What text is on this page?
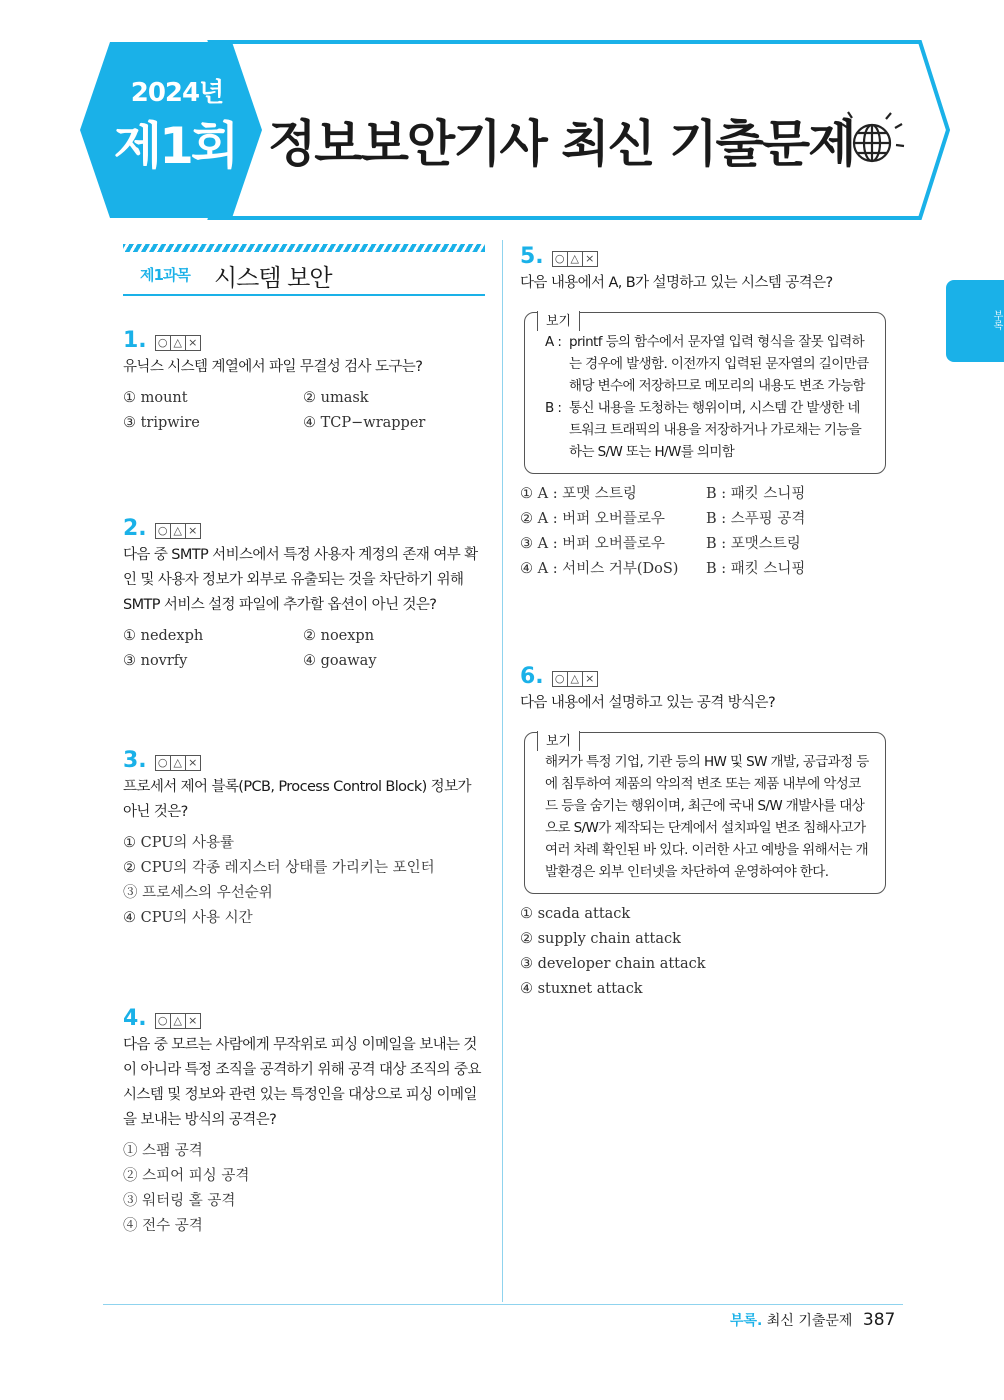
2024년
제1회 정보보안기사 최신 기출문제
부록
제1과목 시스템 보안
1. ○ △ ×
유닉스 시스템 계열에서 파일 무결성 검사 도구는?
① mount	② umask
③ tripwire	④ TCP−wrapper
2. ○ △ ×
다음 중 SMTP 서비스에서 특정 사용자 계정의 존재 여부 확인 및 사용자 정보가 외부로 유출되는 것을 차단하기 위해 SMTP 서비스 설정 파일에 추가할 옵션이 아닌 것은?
① nedexph	② noexpn
③ novrfy	④ goaway
3. ○ △ ×
프로세서 제어 블록(PCB, Process Control Block) 정보가 아닌 것은?
① CPU의 사용률
② CPU의 각종 레지스터 상태를 가리키는 포인터
③ 프로세스의 우선순위
④ CPU의 사용 시간
4. ○ △ ×
다음 중 모르는 사람에게 무작위로 피싱 이메일을 보내는 것이 아니라 특정 조직을 공격하기 위해 공격 대상 조직의 중요 시스템 및 정보와 관련 있는 특정인을 대상으로 피싱 이메일을 보내는 방식의 공격은?
① 스팸 공격
② 스피어 피싱 공격
③ 워터링 홀 공격
④ 전수 공격
5. ○ △ ×
다음 내용에서 A, B가 설명하고 있는 시스템 공격은?
보기
A : printf 등의 함수에서 문자열 입력 형식을 잘못 입력하는 경우에 발생함. 이전까지 입력된 문자열의 길이만큼 해당 변수에 저장하므로 메모리의 내용도 변조 가능함
B : 통신 내용을 도청하는 행위이며, 시스템 간 발생한 네트워크 트래픽의 내용을 저장하거나 가로채는 기능을 하는 S/W 또는 H/W를 의미함
① A : 포맷 스트링	B : 패킷 스니핑
② A : 버퍼 오버플로우	B : 스푸핑 공격
③ A : 버퍼 오버플로우	B : 포맷스트링
④ A : 서비스 거부(DoS)	B : 패킷 스니핑
6. ○ △ ×
다음 내용에서 설명하고 있는 공격 방식은?
보기
해커가 특정 기업, 기관 등의 HW 및 SW 개발, 공급과정 등에 침투하여 제품의 악의적 변조 또는 제품 내부에 악성코드 등을 숨기는 행위이며, 최근에 국내 S/W 개발사를 대상으로 S/W가 제작되는 단계에서 설치파일 변조 침해사고가 여러 차례 확인된 바 있다. 이러한 사고 예방을 위해서는 개발환경은 외부 인터넷을 차단하여 운영하여야 한다.
① scada attack
② supply chain attack
③ developer chain attack
④ stuxnet attack
부록. 최신 기출문제 387
